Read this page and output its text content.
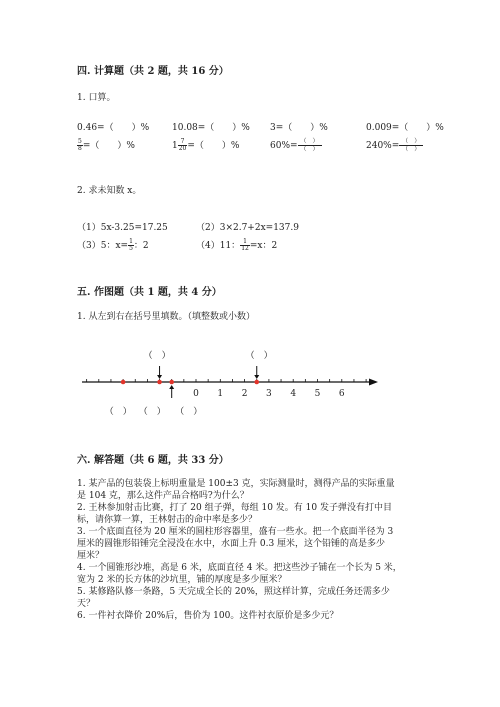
四. 计算题（共 2 题，共 16 分）
1. 口算。
0.46=（　　）%	10.08=（　　）% 3=（　　）%	0.009=（　　）%
$\frac{5}{8}$ =（　　）%	$1 \frac{7}{20}$ =（　　）%	$60\%= \frac{( )}{( )}$	$240\%= \frac{( )}{( )}$
2. 求未知数 x。
（1）5x-3.25=17.25	（2）3×2.7+2x=137.9
（3）5：$x= \frac{1}{5}$ ：2	（4）11： $\frac{1}{12} =x$：2
五. 作图题（共 1 题，共 4 分）
1. 从左到右在括号里填数。（填整数或小数）
0 1 2 3 4 5 6
（　）	（　）
（　） （　） （　）
六. 解答题（共 6 题，共 33 分）
1. 某产品的包装袋上标明重量是 100±3 克，实际测量时，测得产品的实际重量
是 104 克，那么这件产品合格吗?为什么？
2. 王林参加射击比赛，打了 20 组子弹，每组 10 发。有 10 发子弹没有打中目
标，请你算一算，王林射击的命中率是多少？
3. 一个底面直径为 20 厘米的圆柱形容器里，盛有一些水。把一个底面半径为 3
厘米的圆锥形铅锤完全浸没在水中，水面上升 0.3 厘米，这个铅锤的高是多少
厘米？
4. 一个圆锥形沙堆，高是 6 米，底面直径 4 米。把这些沙子铺在一个长为 5 米，
宽为 2 米的长方体的沙坑里，铺的厚度是多少厘米？
5. 某修路队修一条路，5 天完成全长的 20%，照这样计算，完成任务还需多少
天？
6. 一件衬衣降价 20%后，售价为 100。这件衬衣原价是多少元？
